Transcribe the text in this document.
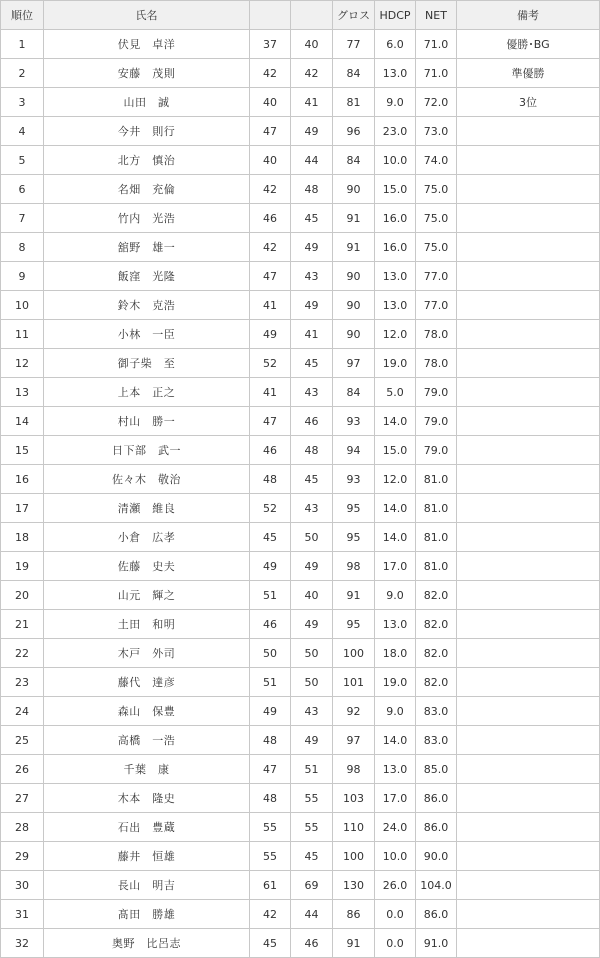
順位	氏名			グロス	HDCP	NET	備考
1	伏見　卓洋	37	40	77	6.0	71.0	優勝･BG
2	安藤　茂則	42	42	84	13.0	71.0	準優勝
3	山田　誠	40	41	81	9.0	72.0	3位
4	今井　則行	47	49	96	23.0	73.0	
5	北方　慎治	40	44	84	10.0	74.0	
6	名畑　充倫	42	48	90	15.0	75.0	
7	竹内　光浩	46	45	91	16.0	75.0	
8	舘野　雄一	42	49	91	16.0	75.0	
9	飯窪　光隆	47	43	90	13.0	77.0	
10	鈴木　克浩	41	49	90	13.0	77.0	
11	小林　一臣	49	41	90	12.0	78.0	
12	御子柴　至	52	45	97	19.0	78.0	
13	上本　正之	41	43	84	5.0	79.0	
14	村山　勝一	47	46	93	14.0	79.0	
15	日下部　武一	46	48	94	15.0	79.0	
16	佐々木　敬治	48	45	93	12.0	81.0	
17	清瀬　維良	52	43	95	14.0	81.0	
18	小倉　広孝	45	50	95	14.0	81.0	
19	佐藤　史夫	49	49	98	17.0	81.0	
20	山元　輝之	51	40	91	9.0	82.0	
21	土田　和明	46	49	95	13.0	82.0	
22	木戸　外司	50	50	100	18.0	82.0	
23	藤代　達彦	51	50	101	19.0	82.0	
24	森山　保豊	49	43	92	9.0	83.0	
25	高橋　一浩	48	49	97	14.0	83.0	
26	千葉　康	47	51	98	13.0	85.0	
27	木本　隆史	48	55	103	17.0	86.0	
28	石出　豊蔵	55	55	110	24.0	86.0	
29	藤井　恒雄	55	45	100	10.0	90.0	
30	長山　明吉	61	69	130	26.0	104.0	
31	髙田　勝雄	42	44	86	0.0	86.0	
32	奥野　比呂志	45	46	91	0.0	91.0	
